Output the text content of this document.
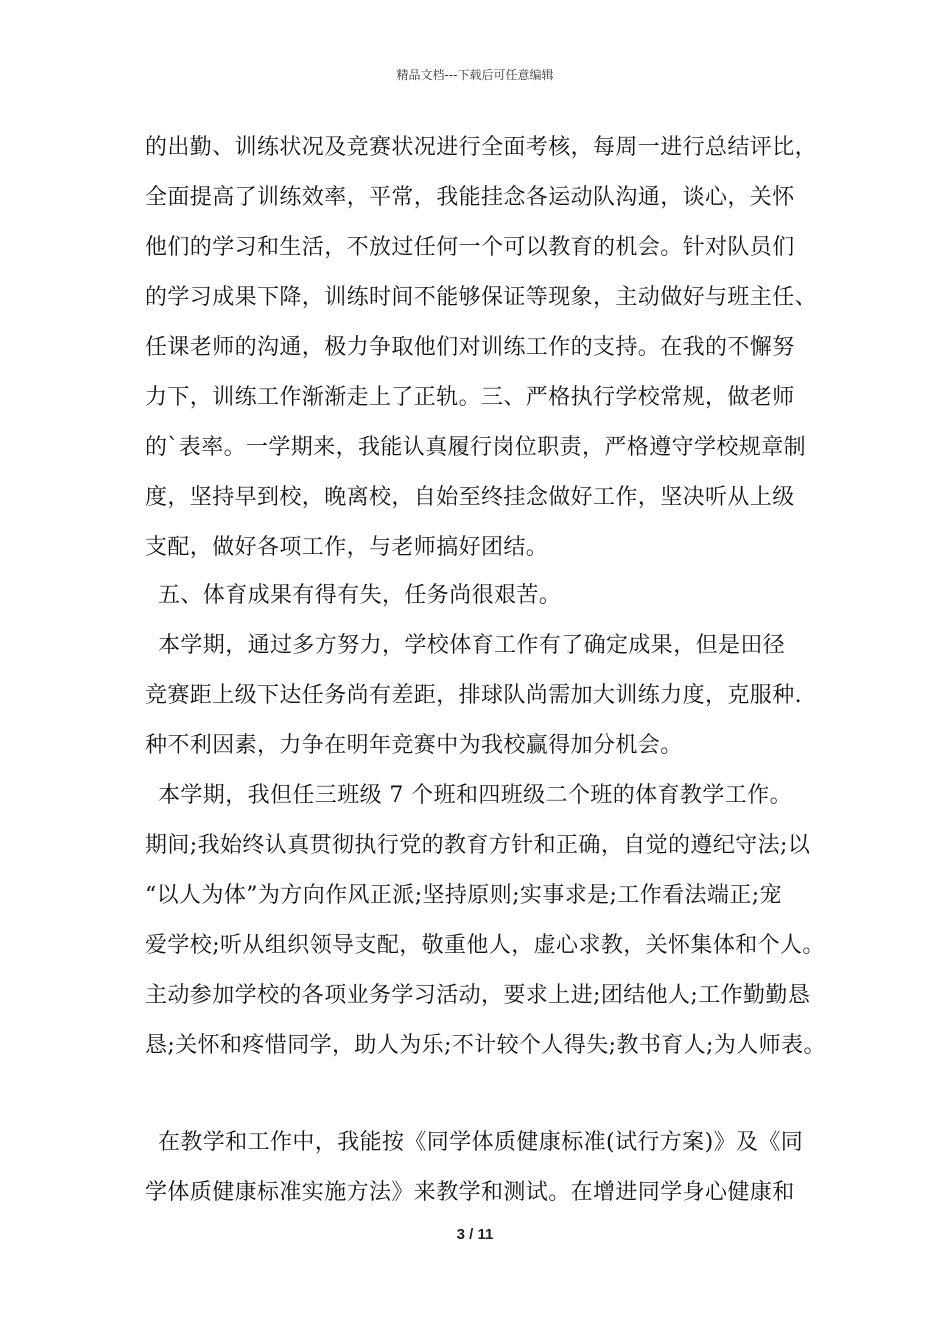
精品文档---下载后可任意编辑
的出勤、训练状况及竞赛状况进行全面考核，每周一进行总结评比，
全面提高了训练效率，平常，我能挂念各运动队沟通，谈心，关怀
他们的学习和生活，不放过任何一个可以教育的机会。针对队员们
的学习成果下降，训练时间不能够保证等现象，主动做好与班主任、
任课老师的沟通，极力争取他们对训练工作的支持。在我的不懈努
力下，训练工作渐渐走上了正轨。三、严格执行学校常规，做老师
的`表率。一学期来，我能认真履行岗位职责，严格遵守学校规章制
度，坚持早到校，晚离校，自始至终挂念做好工作，坚决听从上级
支配，做好各项工作，与老师搞好团结。
五、体育成果有得有失，任务尚很艰苦。
本学期，通过多方努力，学校体育工作有了确定成果，但是田径
竞赛距上级下达任务尚有差距，排球队尚需加大训练力度，克服种.
种不利因素，力争在明年竞赛中为我校赢得加分机会。
本学期，我但任三班级 7 个班和四班级二个班的体育教学工作。
期间;我始终认真贯彻执行党的教育方针和正确，自觉的遵纪守法;以
“以人为体”为方向作风正派;坚持原则;实事求是;工作看法端正;宠
爱学校;听从组织领导支配，敬重他人，虚心求教，关怀集体和个人。
主动参加学校的各项业务学习活动，要求上进;团结他人;工作勤勤恳
恳;关怀和疼惜同学，助人为乐;不计较个人得失;教书育人;为人师表。
在教学和工作中，我能按《同学体质健康标准(试行方案)》及《同
学体质健康标准实施方法》来教学和测试。在增进同学身心健康和
3 / 11
